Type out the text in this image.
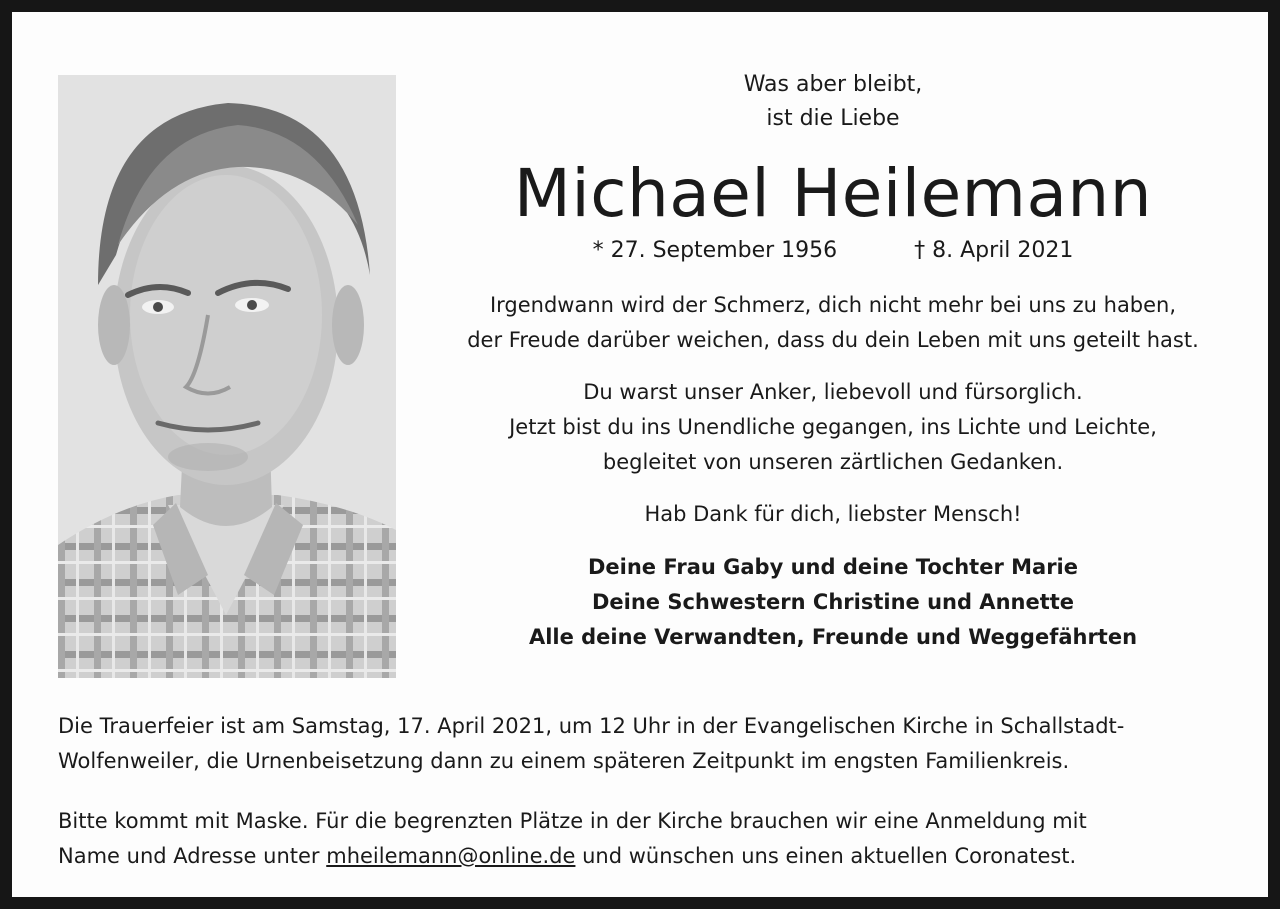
Was aber bleibt,
ist die Liebe

Michael Heilemann

* 27. September 1956	† 8. April 2021

Irgendwann wird der Schmerz, dich nicht mehr bei uns zu haben,
der Freude darüber weichen, dass du dein Leben mit uns geteilt hast.

Du warst unser Anker, liebevoll und fürsorglich.
Jetzt bist du ins Unendliche gegangen, ins Lichte und Leichte,
begleitet von unseren zärtlichen Gedanken.

Hab Dank für dich, liebster Mensch!

Deine Frau Gaby und deine Tochter Marie
Deine Schwestern Christine und Annette
Alle deine Verwandten, Freunde und Weggefährten

Die Trauerfeier ist am Samstag, 17. April 2021, um 12 Uhr in der Evangelischen Kirche in Schallstadt-
Wolfenweiler, die Urnenbeisetzung dann zu einem späteren Zeitpunkt im engsten Familienkreis.

Bitte kommt mit Maske. Für die begrenzten Plätze in der Kirche brauchen wir eine Anmeldung mit
Name und Adresse unter mheilemann@online.de und wünschen uns einen aktuellen Coronatest.
